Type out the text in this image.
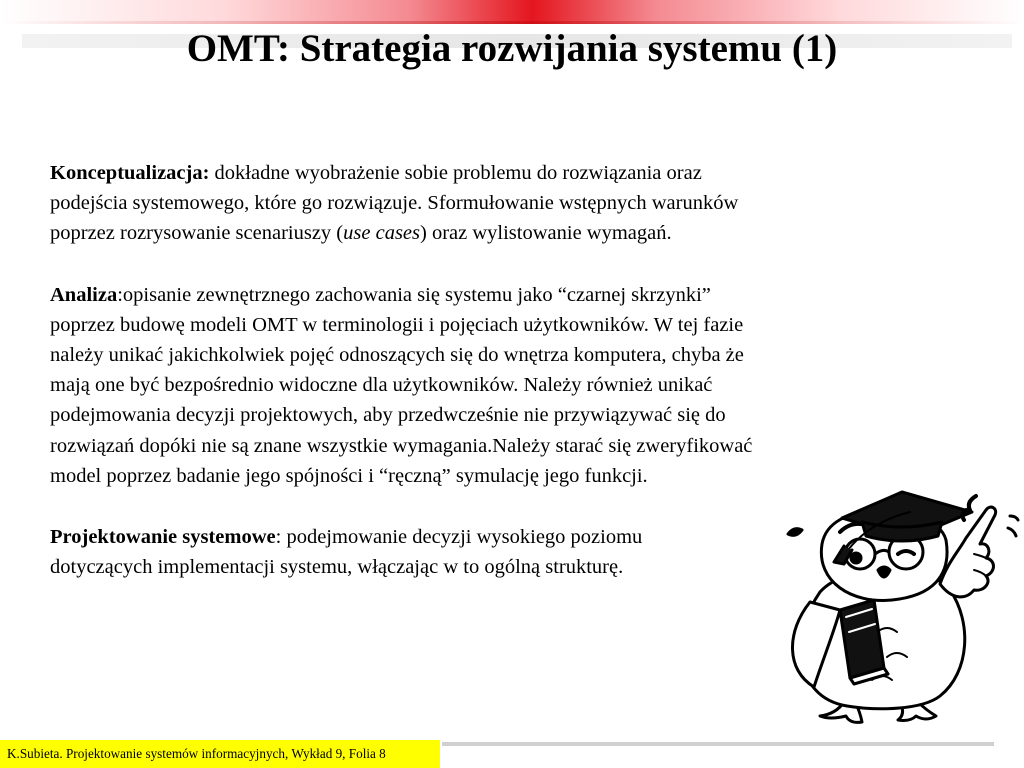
OMT: Strategia rozwijania systemu (1)

Konceptualizacja: dokładne wyobrażenie sobie problemu do rozwiązania oraz
podejścia systemowego, które go rozwiązuje. Sformułowanie wstępnych warunków
poprzez rozrysowanie scenariuszy (use cases) oraz wylistowanie wymagań.

Analiza:opisanie zewnętrznego zachowania się systemu jako “czarnej skrzynki”
poprzez budowę modeli OMT w terminologii i pojęciach użytkowników. W tej fazie
należy unikać jakichkolwiek pojęć odnoszących się do wnętrza komputera, chyba że
mają one być bezpośrednio widoczne dla użytkowników. Należy również unikać
podejmowania decyzji projektowych, aby przedwcześnie nie przywiązywać się do
rozwiązań dopóki nie są znane wszystkie wymagania.Należy starać się zweryfikować
model poprzez badanie jego spójności i “ręczną” symulację jego funkcji.

Projektowanie systemowe: podejmowanie decyzji wysokiego poziomu
dotyczących implementacji systemu, włączając w to ogólną strukturę.

K.Subieta. Projektowanie systemów informacyjnych, Wykład 9, Folia 8
